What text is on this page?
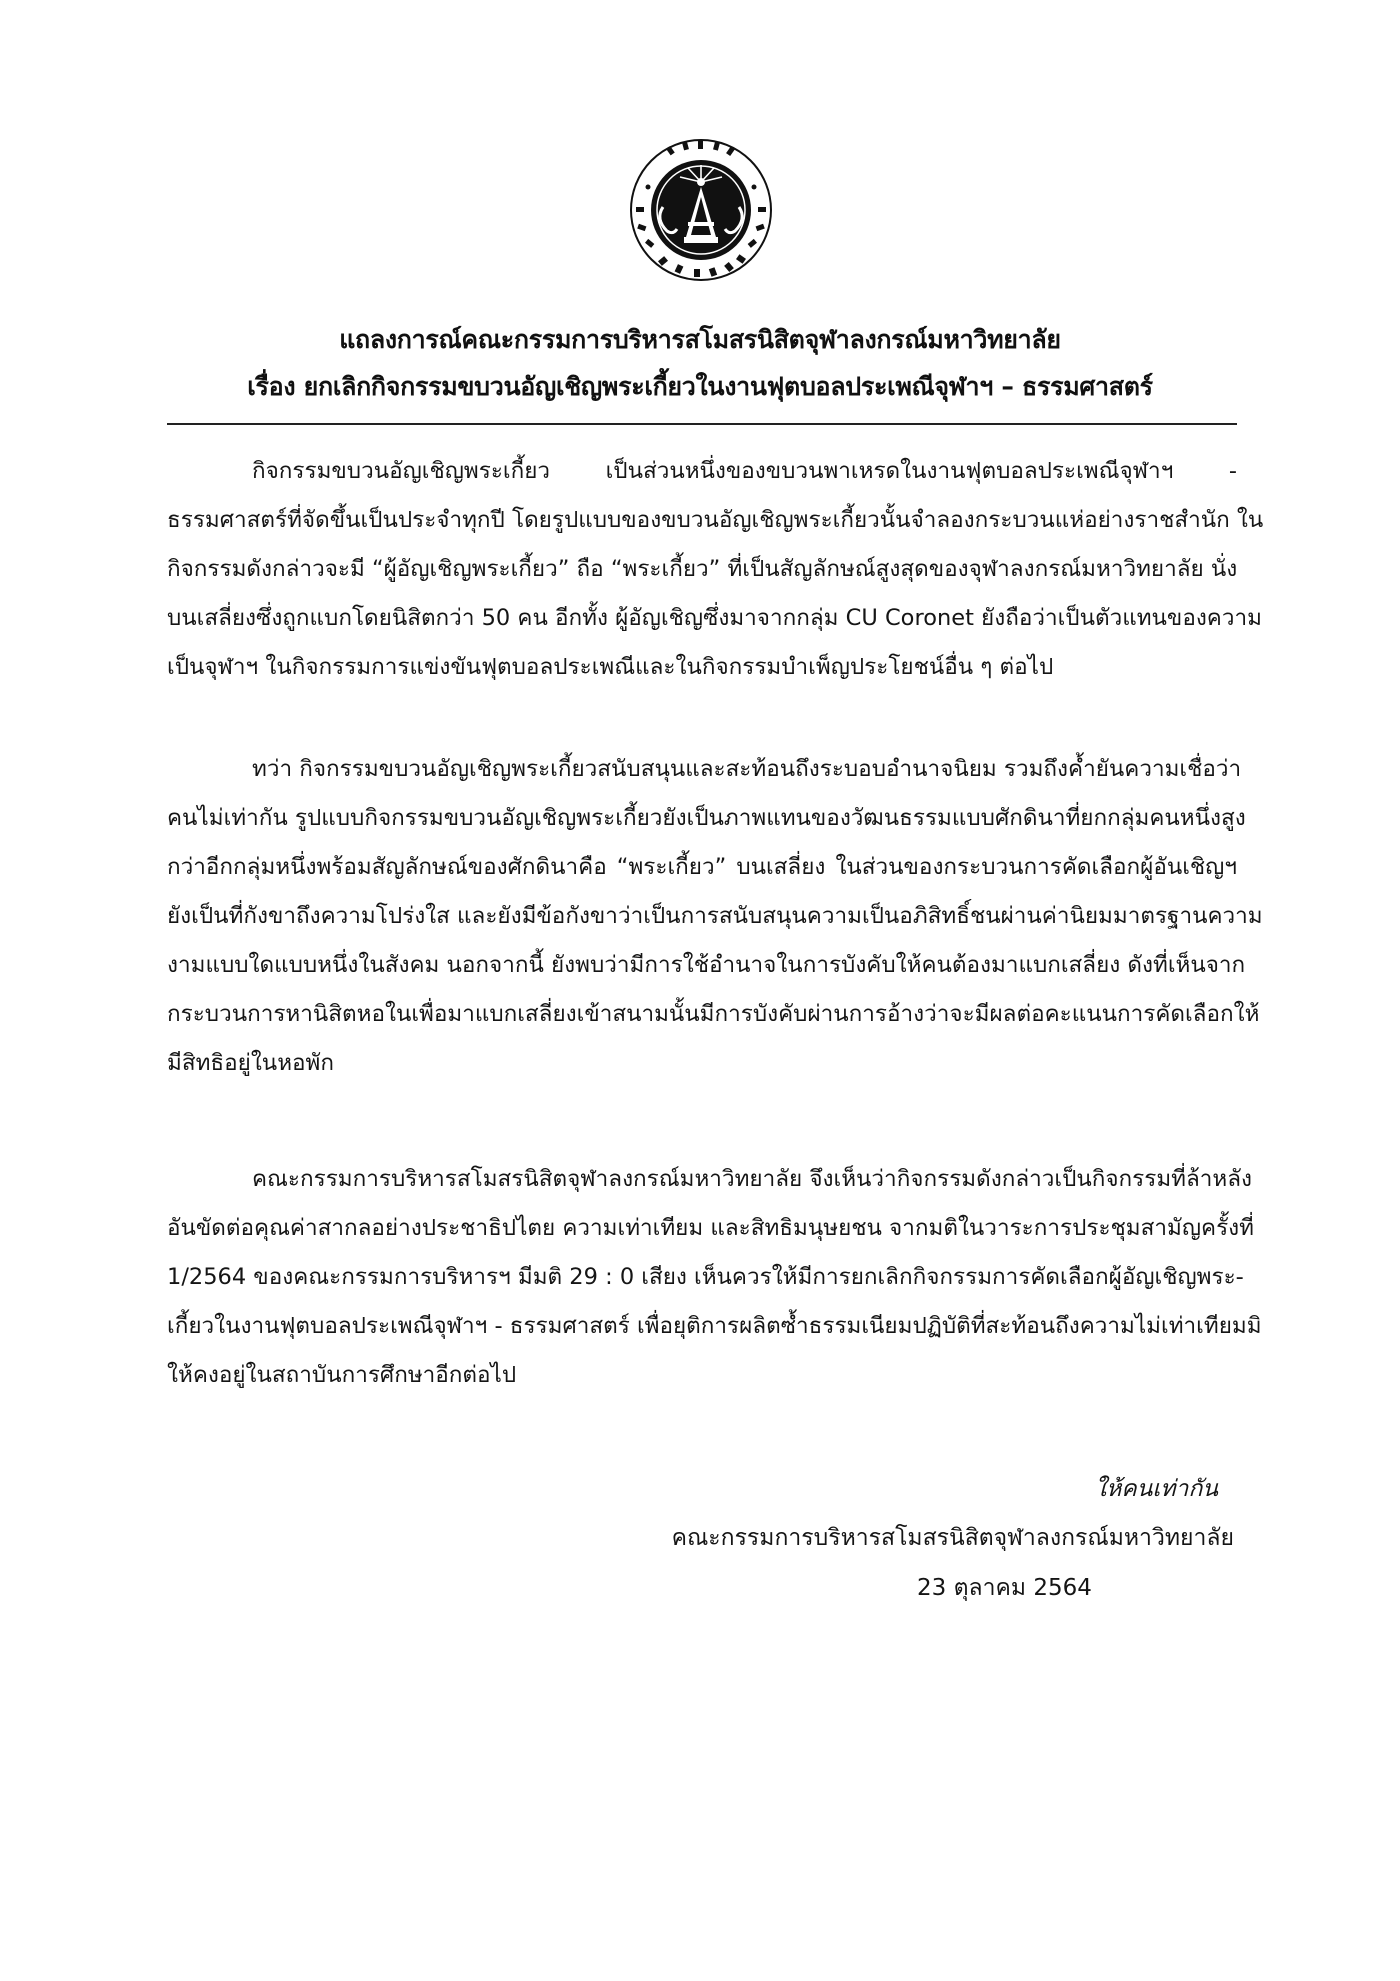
แถลงการณ์คณะกรรมการบริหารสโมสรนิสิตจุฬาลงกรณ์มหาวิทยาลัย
เรื่อง ยกเลิกกิจกรรมขบวนอัญเชิญพระเกี้ยวในงานฟุตบอลประเพณีจุฬาฯ – ธรรมศาสตร์
กิจกรรมขบวนอัญเชิญพระเกี้ยว เป็นส่วนหนึ่งของขบวนพาเหรดในงานฟุตบอลประเพณีจุฬาฯ -
ธรรมศาสตร์ที่จัดขึ้นเป็นประจำทุกปี โดยรูปแบบของขบวนอัญเชิญพระเกี้ยวนั้นจำลองกระบวนแห่อย่างราชสำนัก ใน
กิจกรรมดังกล่าวจะมี “ผู้อัญเชิญพระเกี้ยว” ถือ “พระเกี้ยว” ที่เป็นสัญลักษณ์สูงสุดของจุฬาลงกรณ์มหาวิทยาลัย นั่ง
บนเสลี่ยงซึ่งถูกแบกโดยนิสิตกว่า 50 คน อีกทั้ง ผู้อัญเชิญซึ่งมาจากกลุ่ม CU Coronet ยังถือว่าเป็นตัวแทนของความ
เป็นจุฬาฯ ในกิจกรรมการแข่งขันฟุตบอลประเพณีและในกิจกรรมบำเพ็ญประโยชน์อื่น ๆ ต่อไป
ทว่า กิจกรรมขบวนอัญเชิญพระเกี้ยวสนับสนุนและสะท้อนถึงระบอบอำนาจนิยม รวมถึงค้ำยันความเชื่อว่า
คนไม่เท่ากัน รูปแบบกิจกรรมขบวนอัญเชิญพระเกี้ยวยังเป็นภาพแทนของวัฒนธรรมแบบศักดินาที่ยกกลุ่มคนหนึ่งสูง
กว่าอีกกลุ่มหนึ่งพร้อมสัญลักษณ์ของศักดินาคือ “พระเกี้ยว” บนเสลี่ยง ในส่วนของกระบวนการคัดเลือกผู้อันเชิญฯ
ยังเป็นที่กังขาถึงความโปร่งใส และยังมีข้อกังขาว่าเป็นการสนับสนุนความเป็นอภิสิทธิ์ชนผ่านค่านิยมมาตรฐานความ
งามแบบใดแบบหนึ่งในสังคม นอกจากนี้ ยังพบว่ามีการใช้อำนาจในการบังคับให้คนต้องมาแบกเสลี่ยง ดังที่เห็นจาก
กระบวนการหานิสิตหอในเพื่อมาแบกเสลี่ยงเข้าสนามนั้นมีการบังคับผ่านการอ้างว่าจะมีผลต่อคะแนนการคัดเลือกให้
มีสิทธิอยู่ในหอพัก
คณะกรรมการบริหารสโมสรนิสิตจุฬาลงกรณ์มหาวิทยาลัย จึงเห็นว่ากิจกรรมดังกล่าวเป็นกิจกรรมที่ล้าหลัง
อันขัดต่อคุณค่าสากลอย่างประชาธิปไตย ความเท่าเทียม และสิทธิมนุษยชน จากมติในวาระการประชุมสามัญครั้งที่
1/2564 ของคณะกรรมการบริหารฯ มีมติ 29 : 0 เสียง เห็นควรให้มีการยกเลิกกิจกรรมการคัดเลือกผู้อัญเชิญพระ-
เกี้ยวในงานฟุตบอลประเพณีจุฬาฯ - ธรรมศาสตร์ เพื่อยุติการผลิตซ้ำธรรมเนียมปฏิบัติที่สะท้อนถึงความไม่เท่าเทียมมิ
ให้คงอยู่ในสถาบันการศึกษาอีกต่อไป
ให้คนเท่ากัน
คณะกรรมการบริหารสโมสรนิสิตจุฬาลงกรณ์มหาวิทยาลัย
23 ตุลาคม 2564
